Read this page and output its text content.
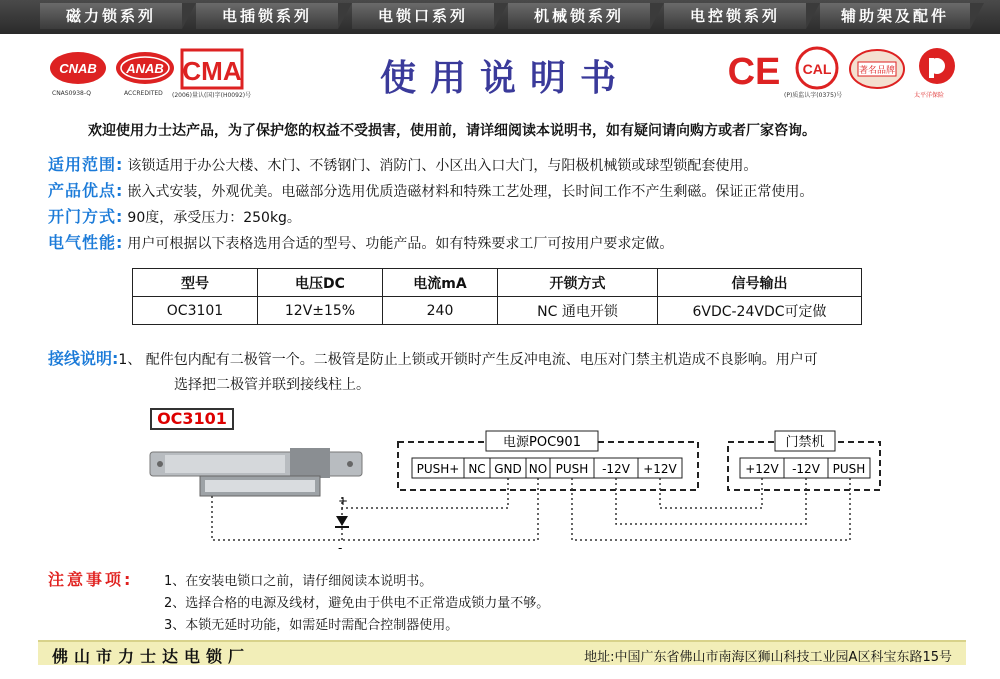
磁力锁系列	电插锁系列	电锁口系列	机械锁系列	电控锁系列	辅助架及配件
CNAB
CNAS0938-Q
ANAB
ACCREDITED
CMA
(2006)量认(国)字(H0092)号	使用说明书	CE CAL
(P)质监认字(0375)号
著名品牌
太平洋保险
欢迎使用力士达产品，为了保护您的权益不受损害，使用前，请详细阅读本说明书，如有疑问请向购方或者厂家咨询。
适用范围: 该锁适用于办公大楼、木门、不锈钢门、消防门、小区出入口大门，与阳极机械锁或球型锁配套使用。
产品优点: 嵌入式安装，外观优美。电磁部分选用优质造磁材料和特殊工艺处理，长时间工作不产生剩磁。保证正常使用。
开门方式: 90度，承受压力：250kg。
电气性能: 用户可根据以下表格选用合适的型号、功能产品。如有特殊要求工厂可按用户要求定做。
型号	电压DC	电流mA	开锁方式	信号输出
OC3101	12V±15%	240	NC 通电开锁	6VDC-24VDC可定做
接线说明:1、 配件包内配有二极管一个。二极管是防止上锁或开锁时产生反冲电流、电压对门禁主机造成不良影响。用户可
选择把二极管并联到接线柱上。
电源POC901
PUSH+ NC GND NO PUSH -12V +12V
门禁机
+12V -12V PUSH
+
-
OC3101
注意事项: 1、在安装电锁口之前，请仔细阅读本说明书。
2、选择合格的电源及线材，避免由于供电不正常造成锁力量不够。
3、本锁无延时功能，如需延时需配合控制器使用。
佛山市力士达电锁厂	地址:中国广东省佛山市南海区狮山科技工业园A区科宝东路15号
